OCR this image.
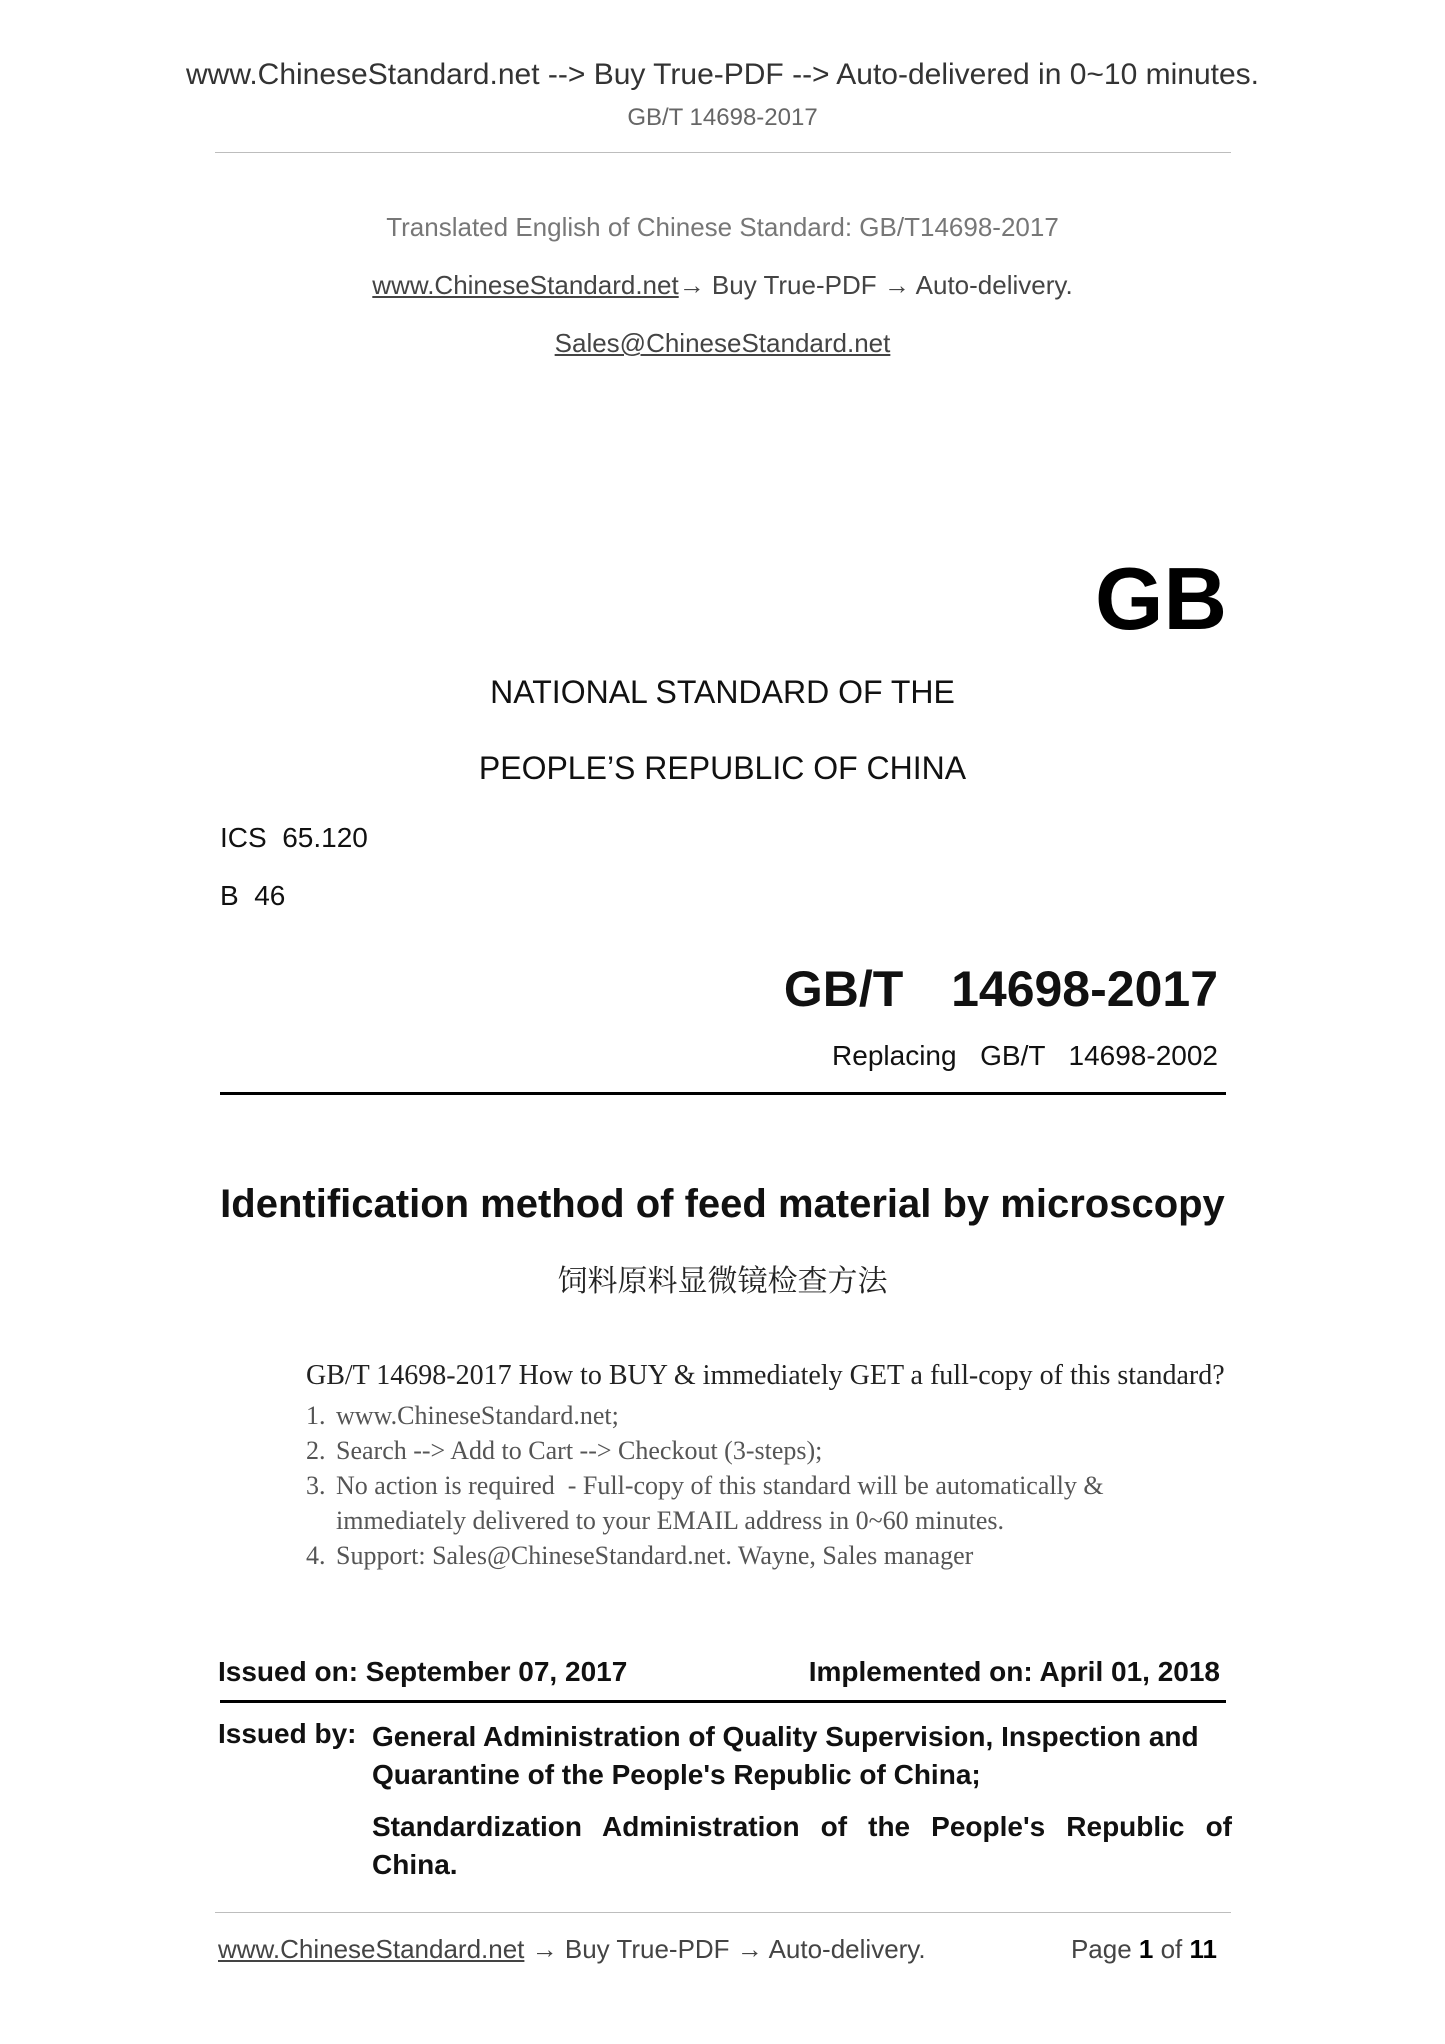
www.ChineseStandard.net --> Buy True-PDF --> Auto-delivered in 0~10 minutes.
GB/T 14698-2017
Translated English of Chinese Standard: GB/T14698-2017
www.ChineseStandard.net→ Buy True-PDF → Auto-delivery.
Sales@ChineseStandard.net
GB
NATIONAL STANDARD OF THE
PEOPLE’S REPUBLIC OF CHINA
ICS  65.120
B  46
GB/T  14698-2017
Replacing  GB/T  14698-2002
Identification method of feed material by microscopy
饲料原料显微镜检查方法
GB/T 14698-2017 How to BUY & immediately GET a full-copy of this standard?
1. www.ChineseStandard.net;
2. Search --> Add to Cart --> Checkout (3-steps);
3. No action is required  - Full-copy of this standard will be automatically &
immediately delivered to your EMAIL address in 0~60 minutes.
4. Support: Sales@ChineseStandard.net. Wayne, Sales manager
Issued on: September 07, 2017	Implemented on: April 01, 2018
Issued by: General Administration of Quality Supervision, Inspection and Quarantine of the People's Republic of China;
Standardization Administration of the People's Republic of China.
www.ChineseStandard.net → Buy True-PDF → Auto-delivery.	Page 1 of 11
